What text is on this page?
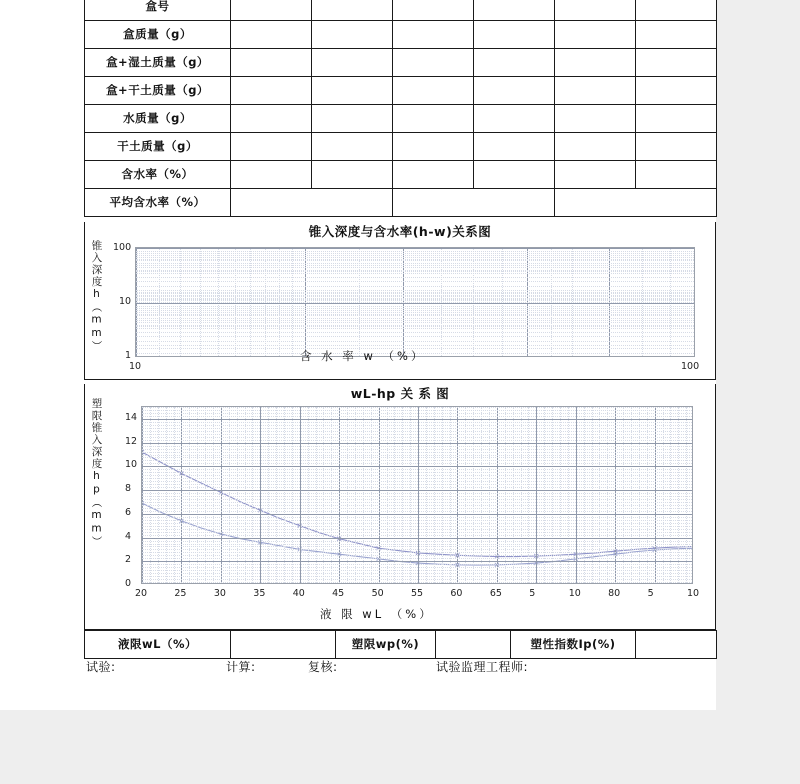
盒号						
盒质量（g）						
盒+湿土质量（g）						
盒+干土质量（g）						
水质量（g）						
干土质量（g）						
含水率（%）						
平均含水率（%）						
锥入深度与含水率(h-w)关系图
锥入深度h（mm） 100
10
1
10	100
含 水 率 w （%）
wL-hp 关 系 图
塑限锥入深度hp（mm） 14
12
10
8
6
4
2
0
20	25	30	35	40	45	50	55	60	65	5	10	80	5	10
液 限 wL （%）
液限wL（%）		塑限wp(%)		塑性指数Ip(%)	
试验:	计算:	复核:	试验监理工程师:
